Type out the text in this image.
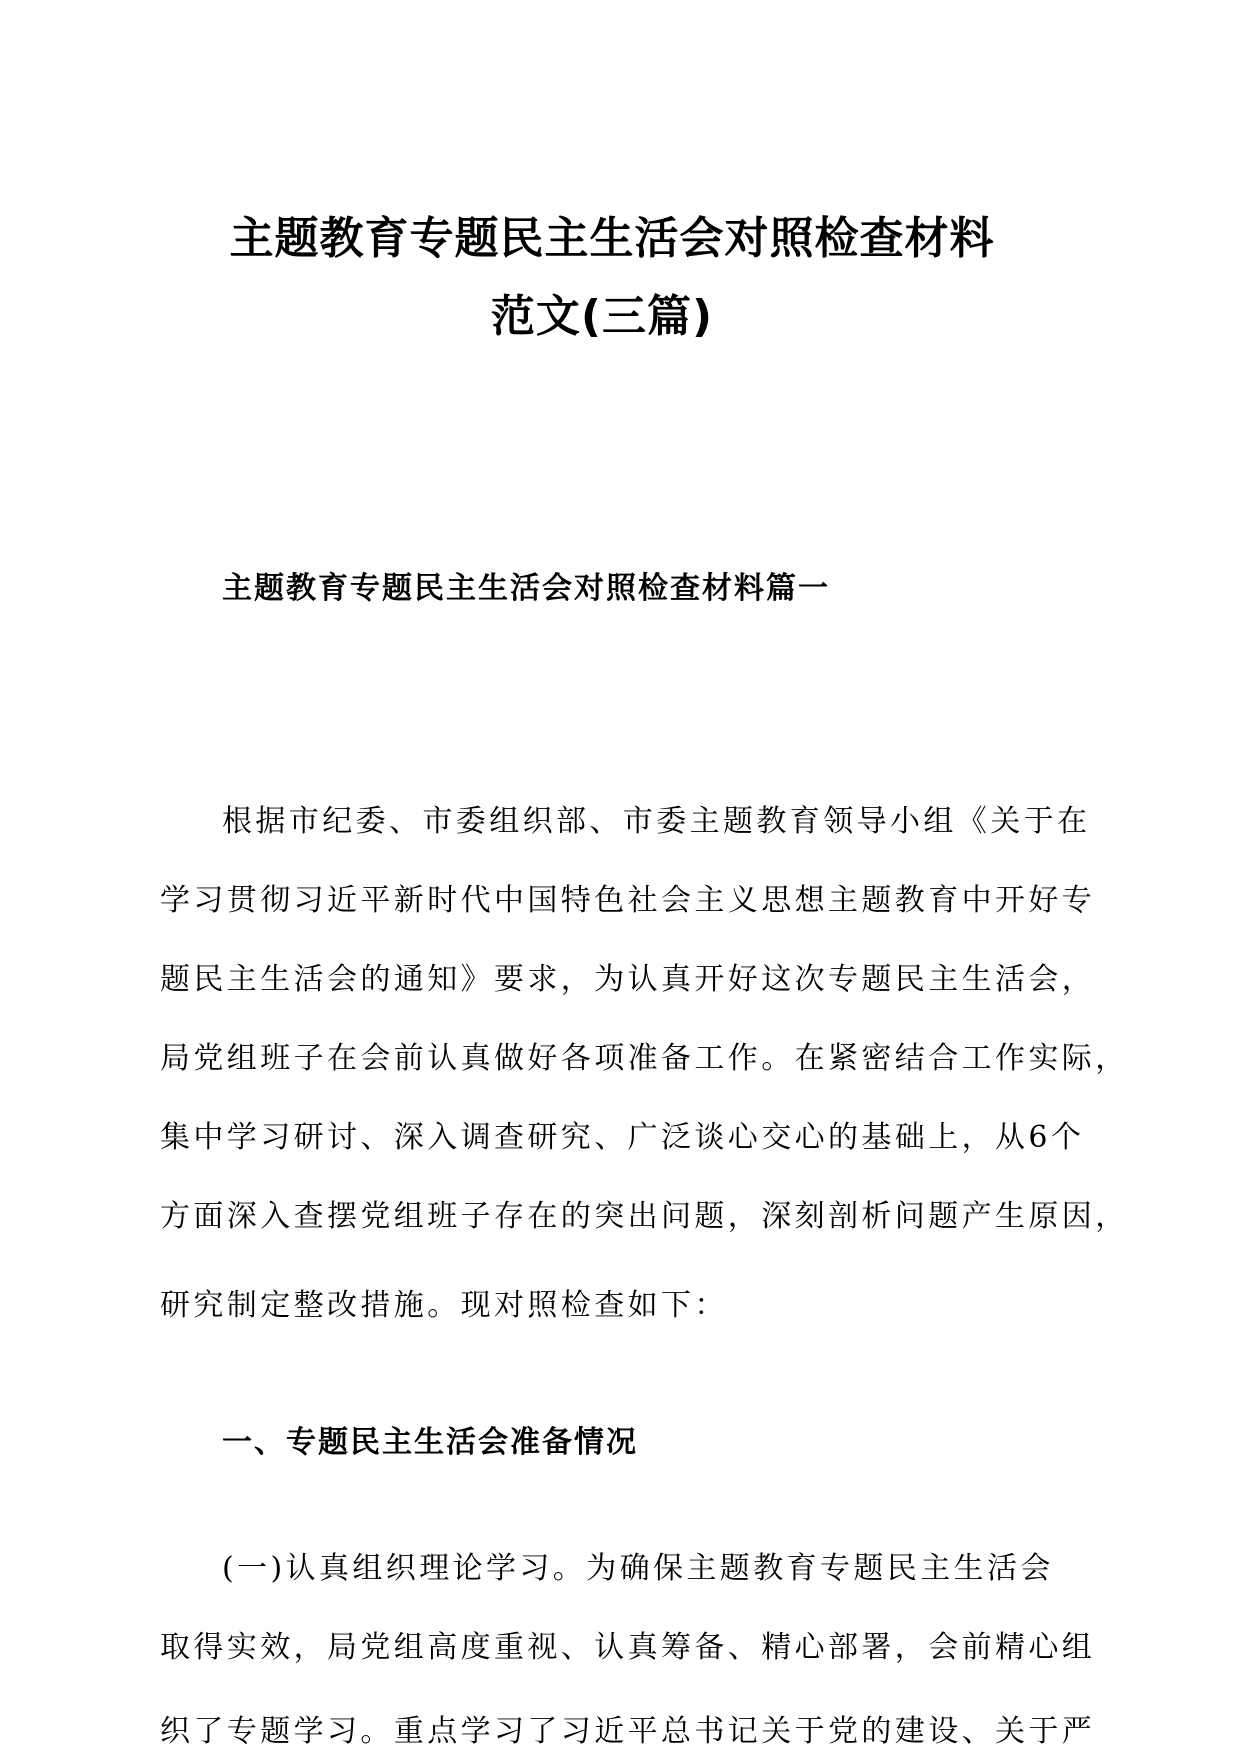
主题教育专题民主生活会对照检查材料
范文(三篇)
主题教育专题民主生活会对照检查材料篇一

根据市纪委、市委组织部、市委主题教育领导小组《关于在

学习贯彻习近平新时代中国特色社会主义思想主题教育中开好专

题民主生活会的通知》要求，为认真开好这次专题民主生活会，

局党组班子在会前认真做好各项准备工作。在紧密结合工作实际，

集中学习研讨、深入调查研究、广泛谈心交心的基础上，从6个

方面深入查摆党组班子存在的突出问题，深刻剖析问题产生原因，

研究制定整改措施。现对照检查如下：

一、专题民主生活会准备情况

(一)认真组织理论学习。为确保主题教育专题民主生活会

取得实效，局党组高度重视、认真筹备、精心部署，会前精心组

织了专题学习。重点学习了习近平总书记关于党的建设、关于严
